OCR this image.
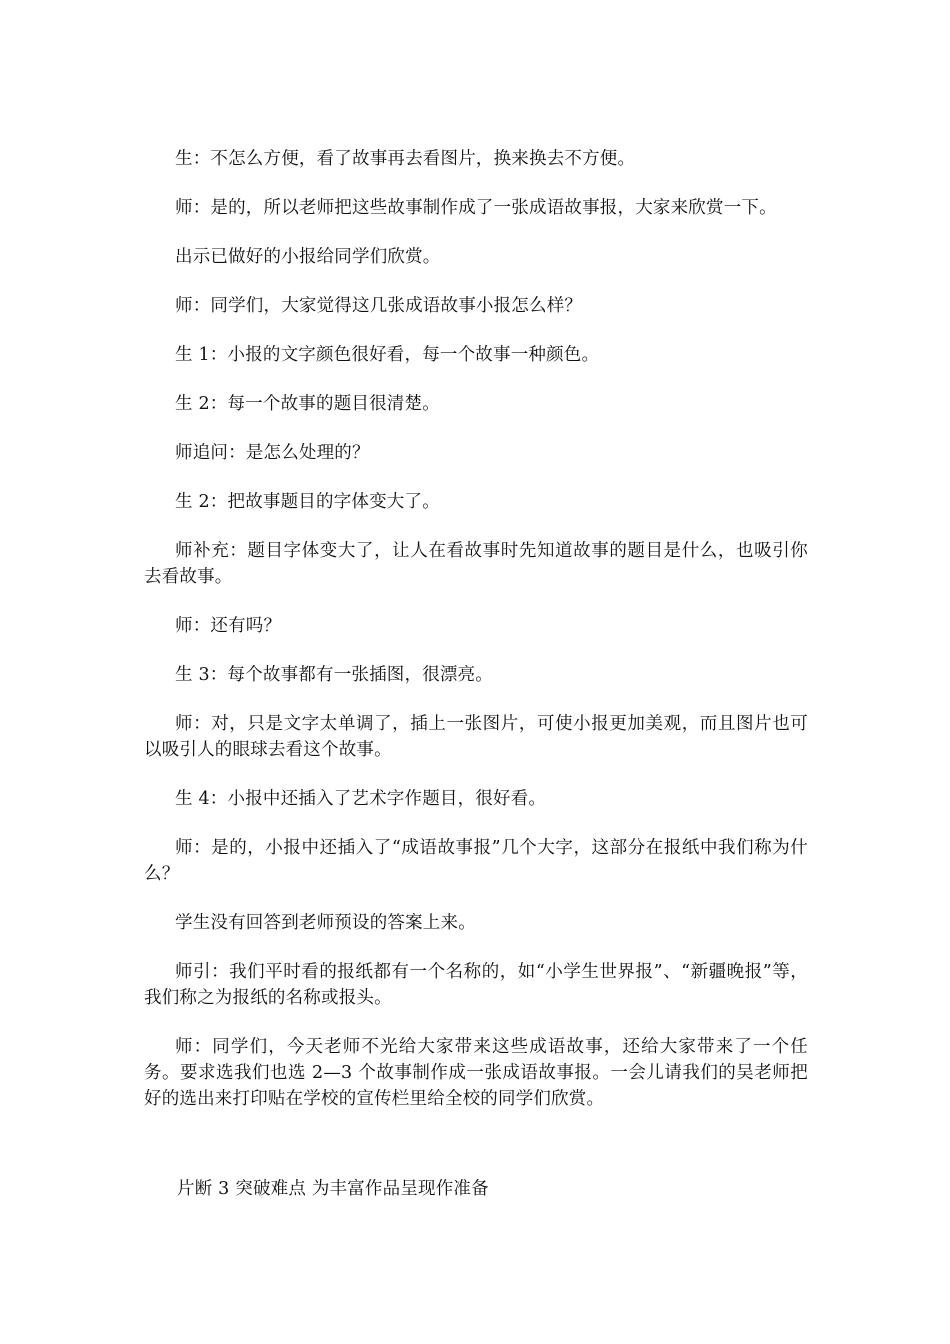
生：不怎么方便，看了故事再去看图片，换来换去不方便。

师：是的，所以老师把这些故事制作成了一张成语故事报，大家来欣赏一下。

出示已做好的小报给同学们欣赏。

师：同学们，大家觉得这几张成语故事小报怎么样？

生 1：小报的文字颜色很好看，每一个故事一种颜色。

生 2：每一个故事的题目很清楚。

师追问：是怎么处理的？

生 2：把故事题目的字体变大了。

师补充：题目字体变大了，让人在看故事时先知道故事的题目是什么，也吸引你去看故事。

师：还有吗？

生 3：每个故事都有一张插图，很漂亮。

师：对，只是文字太单调了，插上一张图片，可使小报更加美观，而且图片也可以吸引人的眼球去看这个故事。

生 4：小报中还插入了艺术字作题目，很好看。

师：是的，小报中还插入了“成语故事报”几个大字，这部分在报纸中我们称为什么？

学生没有回答到老师预设的答案上来。

师引：我们平时看的报纸都有一个名称的，如“小学生世界报”、“新疆晚报”等，我们称之为报纸的名称或报头。

师：同学们，今天老师不光给大家带来这些成语故事，还给大家带来了一个任务。要求选我们也选 2—3 个故事制作成一张成语故事报。一会儿请我们的吴老师把好的选出来打印贴在学校的宣传栏里给全校的同学们欣赏。

片断 3 突破难点 为丰富作品呈现作准备
